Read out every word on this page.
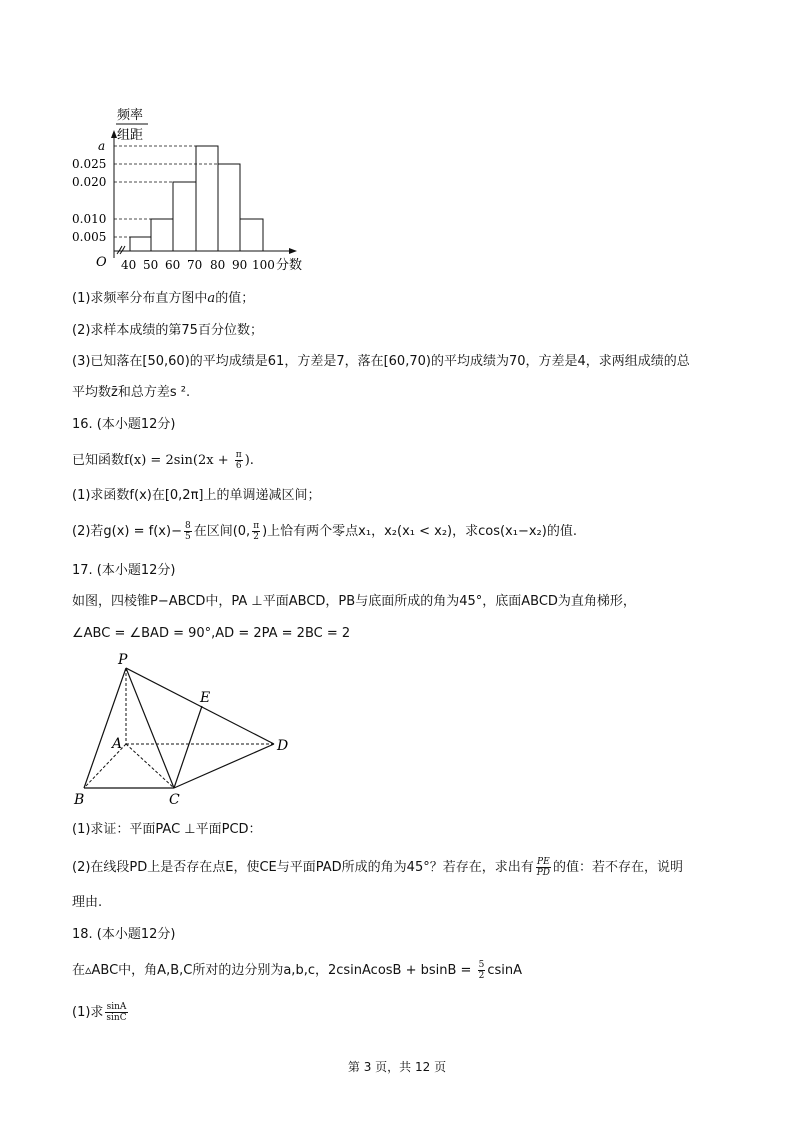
频率
组距
a
0.025
0.020
0.010
0.005
O 40 50 60 70 80 90 100 分数
(1)求频率分布直方图中a的值；
(2)求样本成绩的第75百分位数；
(3)已知落在[50,60)的平均成绩是61，方差是7，落在[60,70)的平均成绩为70，方差是4，求两组成绩的总
平均数z̄和总方差s ².
16. (本小题12分)
已知函数$f(x) = 2\sin(2x + \frac{\pi}{6}$ ).
(1)求函数f(x)在[0,2π]上的单调递减区间；
(2)若$g(x) = f(x)- \frac{8}{5}$ 在区间(0, $\frac{\pi}{2}$ )上恰有两个零点x₁，x₂(x₁ < x₂)，求cos(x₁−x₂)的值.
17. (本小题12分)
如图，四棱锥P−ABCD中，PA ⊥平面ABCD，PB与底面所成的角为45°，底面ABCD为直角梯形，
∠ABC = ∠BAD = 90°,AD = 2PA = 2BC = 2
P
E
A	D
B	C
(1)求证：平面PAC ⊥平面PCD：
(2)在线段PD上是否存在点E，使CE与平面PAD所成的角为45°？若存在，求出有 $\frac{PE}{PD}$ 的值：若不存在，说明
理由.
18. (本小题12分)
在▵ABC中，角A,B,C所对的边分别为a,b,c，2csinAcosB + $bsinB = \frac{5}{2}$ csinA
(1)求 $\frac{\sin A}{\sin C}$
第 3 页，共 12 页
